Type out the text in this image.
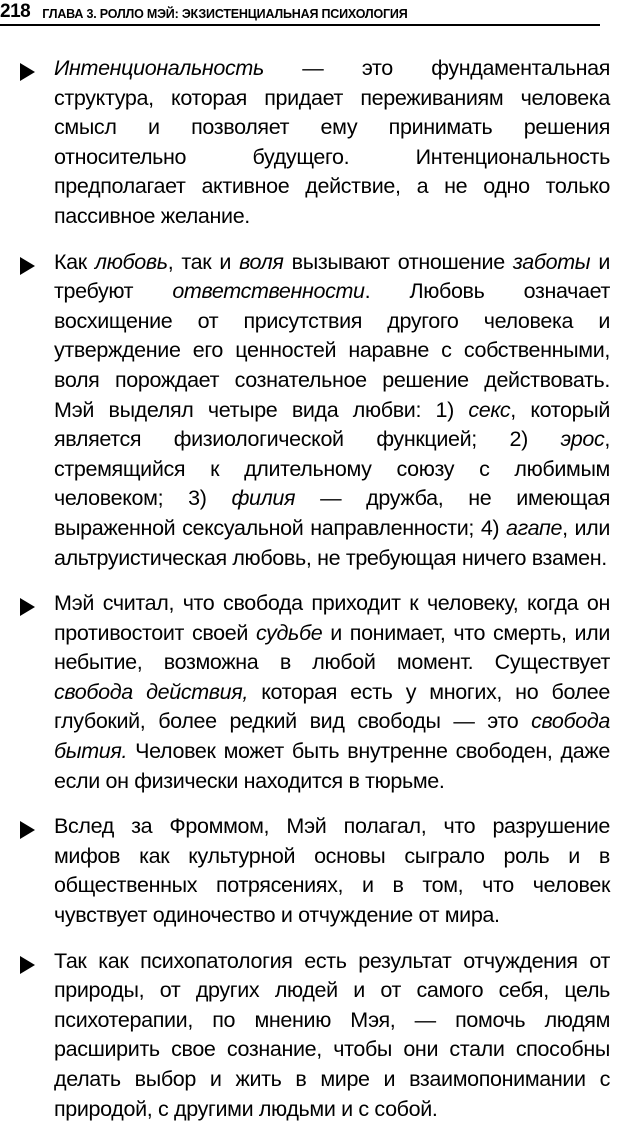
218 ГЛАВА 3. РОЛЛО МЭЙ: ЭКЗИСТЕНЦИАЛЬНАЯ ПСИХОЛОГИЯ
Интенциональность — это фундаментальная структура, которая придает переживаниям человека смысл и позволяет ему принимать решения относительно будущего. Интенциональность предполагает активное действие, а не одно только пассивное желание.
Как любовь, так и воля вызывают отношение заботы и требуют ответственности. Любовь означает восхищение от присутствия другого человека и утверждение его ценностей наравне с собственными, воля порождает сознательное решение действовать. Мэй выделял четыре вида любви: 1) секс, который является физиологической функцией; 2) эрос, стремящийся к длительному союзу с любимым человеком; 3) филия — дружба, не имеющая выраженной сексуальной направленности; 4) агапе, или альтруистическая любовь, не требующая ничего взамен.
Мэй считал, что свобода приходит к человеку, когда он противостоит своей судьбе и понимает, что смерть, или небытие, возможна в любой момент. Существует свобода действия, которая есть у многих, но более глубокий, более редкий вид свободы — это свобода бытия. Человек может быть внутренне свободен, даже если он физически находится в тюрьме.
Вслед за Фроммом, Мэй полагал, что разрушение мифов как культурной основы сыграло роль и в общественных потрясениях, и в том, что человек чувствует одиночество и отчуждение от мира.
Так как психопатология есть результат отчуждения от природы, от других людей и от самого себя, цель психотерапии, по мнению Мэя, — помочь людям расширить свое сознание, чтобы они стали способны делать выбор и жить в мире и взаимопонимании с природой, с другими людьми и с собой.
